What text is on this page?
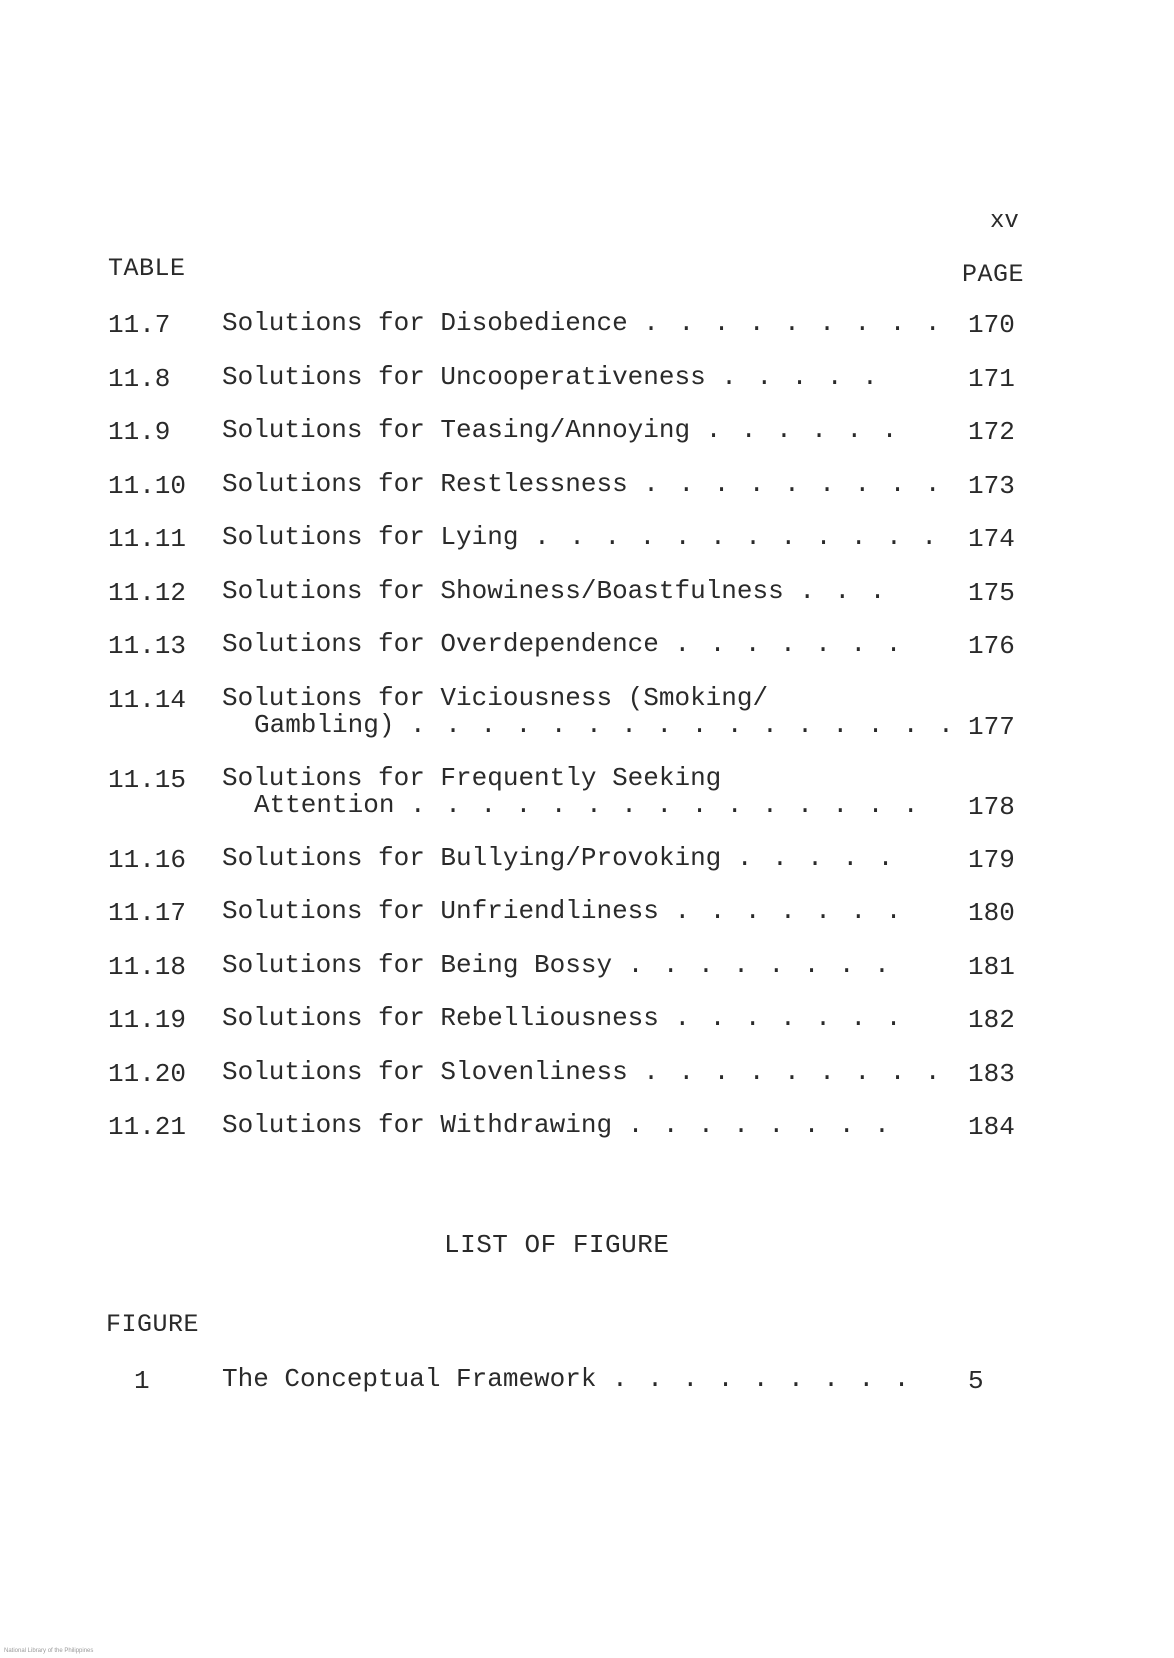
xv
TABLE	PAGE
11.7 Solutions for Disobedience . . . . . . . . . 170
11.8 Solutions for Uncooperativeness . . . . .	171
11.9 Solutions for Teasing/Annoying . . . . . .	172
11.10 Solutions for Restlessness . . . . . . . . . 173
11.11 Solutions for Lying . . . . . . . . . . . . 174
11.12 Solutions for Showiness/Boastfulness . . .	175
11.13 Solutions for Overdependence . . . . . . .	176
11.14 Solutions for Viciousness (Smoking/
Gambling) . . . . . . . . . . . . . . . . 177
11.15 Solutions for Frequently Seeking
Attention . . . . . . . . . . . . . . . 178
11.16 Solutions for Bullying/Provoking . . . . .	179
11.17 Solutions for Unfriendliness . . . . . . .	180
11.18 Solutions for Being Bossy . . . . . . . .	181
11.19 Solutions for Rebelliousness . . . . . . .	182
11.20 Solutions for Slovenliness . . . . . . . . . 183
11.21 Solutions for Withdrawing . . . . . . . .	184
LIST OF FIGURE
FIGURE
1	The Conceptual Framework . . . . . . . . .	5
National Library of the Philippines
